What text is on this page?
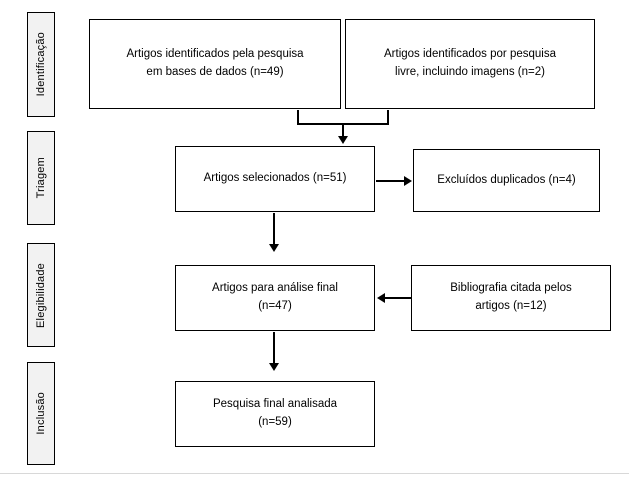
Identificação
Triagem
Elegibilidade
Inclusão
Artigos identificados pela pesquisa
em bases de dados (n=49)
Artigos identificados por pesquisa
livre, incluindo imagens (n=2)
Artigos selecionados (n=51)	Excluídos duplicados (n=4)
Artigos para análise final
(n=47)
Bibliografia citada pelos
artigos (n=12)
Pesquisa final analisada
(n=59)
